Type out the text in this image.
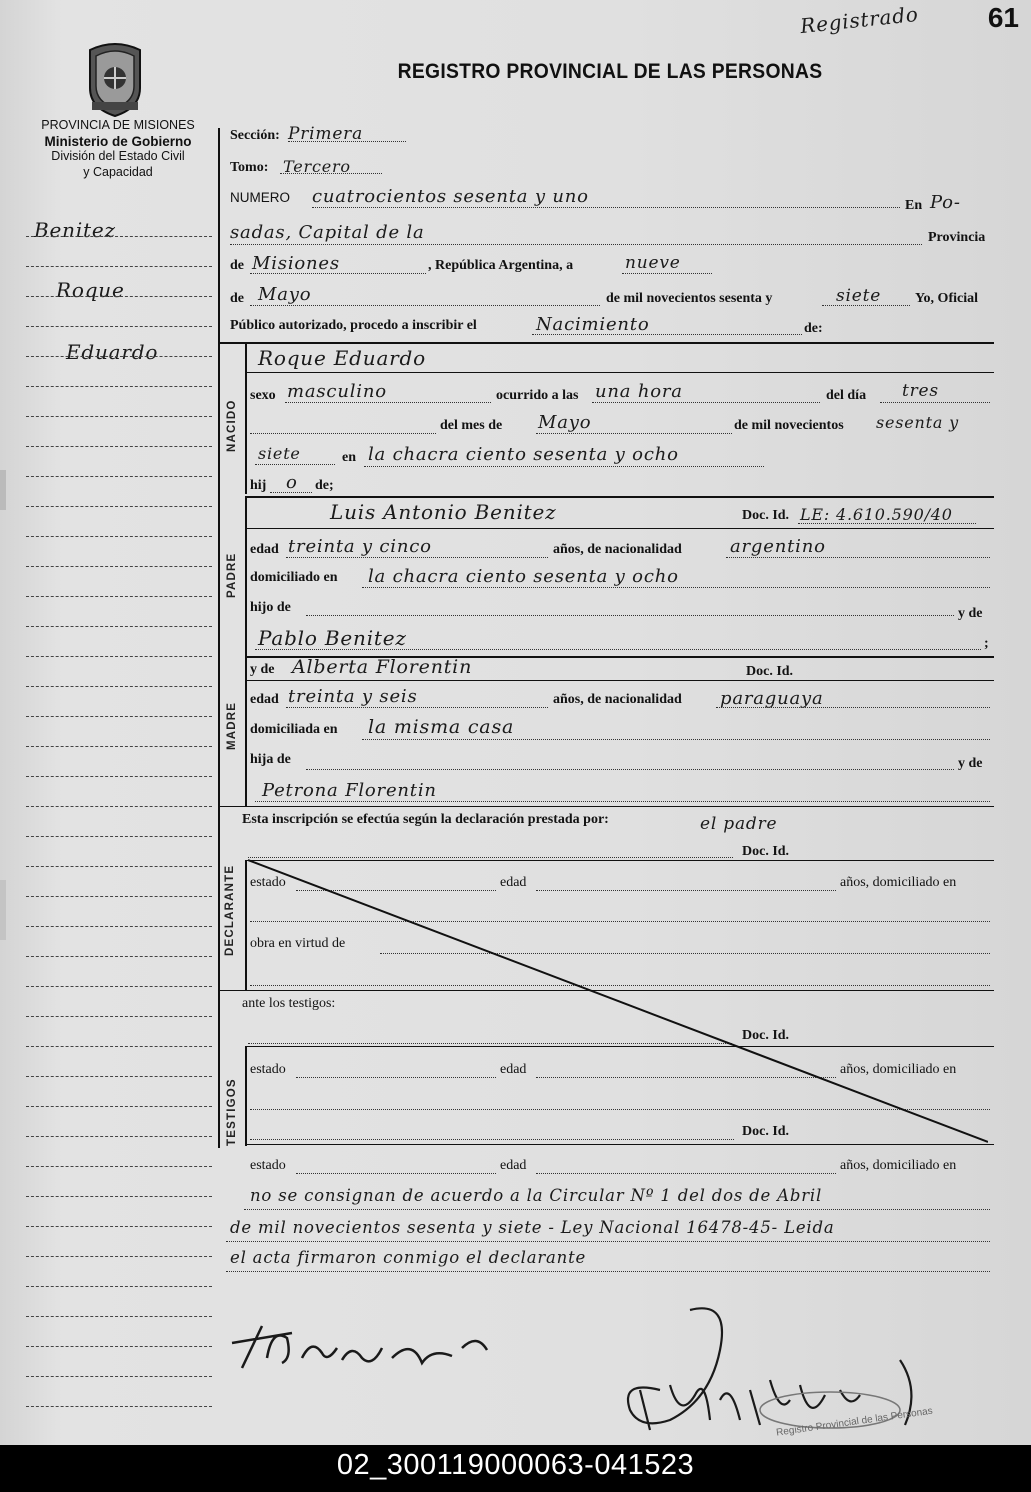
Registrado 61
PROVINCIA DE MISIONES
Ministerio de Gobierno
División del Estado Civil
y Capacidad
REGISTRO PROVINCIAL DE LAS PERSONAS
Benitez
Roque
Eduardo
Sección: Primera
Tomo: Tercero
NUMERO cuatrocientos sesenta y uno	En Po-
sadas, Capital de la	Provincia
de Misiones	, República Argentina, a	nueve
de Mayo	de mil novecientos sesenta y	siete Yo, Oficial
Público autorizado, procedo a inscribir el	Nacimiento	de:
NACIDO
Roque Eduardo
sexo masculino	ocurrido a las una hora	del día tres
del mes de Mayo	de mil novecientos sesenta y
siete	en la chacra ciento sesenta y ocho
hij o de;
PADRE
Luis Antonio Benitez	Doc. Id. LE: 4.610.590/40
edad treinta y cinco	años, de nacionalidad	argentino
domiciliado en la chacra ciento sesenta y ocho
hijo de	y de
Pablo Benitez	;
MADRE
y de Alberta Florentin	Doc. Id.
edad treinta y seis	años, de nacionalidad paraguaya
domiciliada en la misma casa
hija de	y de
Petrona Florentin
Esta inscripción se efectúa según la declaración prestada por:	el padre
Doc. Id.
DECLARANTE estado	edad	años, domiciliado en
obra en virtud de
ante los testigos:
Doc. Id.
TESTIGOS
estado	edad	años, domiciliado en
Doc. Id.
estado	edad	años, domiciliado en
no se consignan de acuerdo a la Circular Nº 1 del dos de Abril
de mil novecientos sesenta y siete - Ley Nacional 16478-45- Leida
el acta firmaron conmigo el declarante
Registro Provincial de las Personas
02_300119000063-041523
